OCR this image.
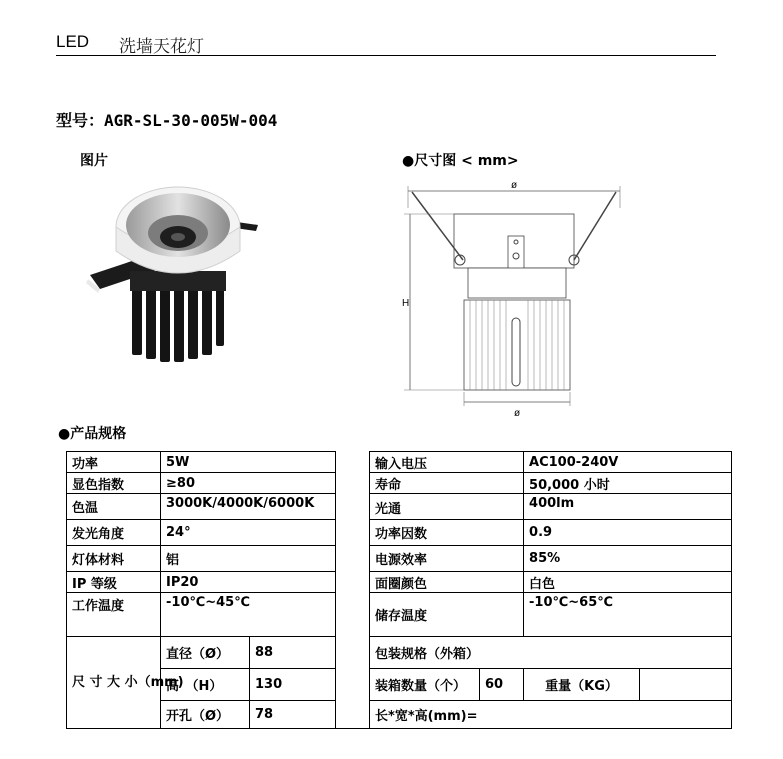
LED 洗墙天花灯
型号：AGR-SL-30-005W-004
图片	●尺寸图 < mm>
ø
H
ø
●产品规格
功率	5W			输入电压		AC100-240V	
显色指数	≥80			寿命		50,000 小时	
色温	3000K/4000K/6000K			光通		400lm	
发光角度	24°			功率因数		0.9	
灯体材料	铝			电源效率		85%	
IP 等级	IP20			面圈颜色		白色	
工作温度	-10℃~45℃			储存温度		-10℃~65℃	
尺 寸 大 小（mm)	直径（Ø）	88		包装规格（外箱）			
	高　（H）	130		装箱数量（个）	60	重量（KG）	
	开孔（Ø）	78		长*宽*高(mm)=			
